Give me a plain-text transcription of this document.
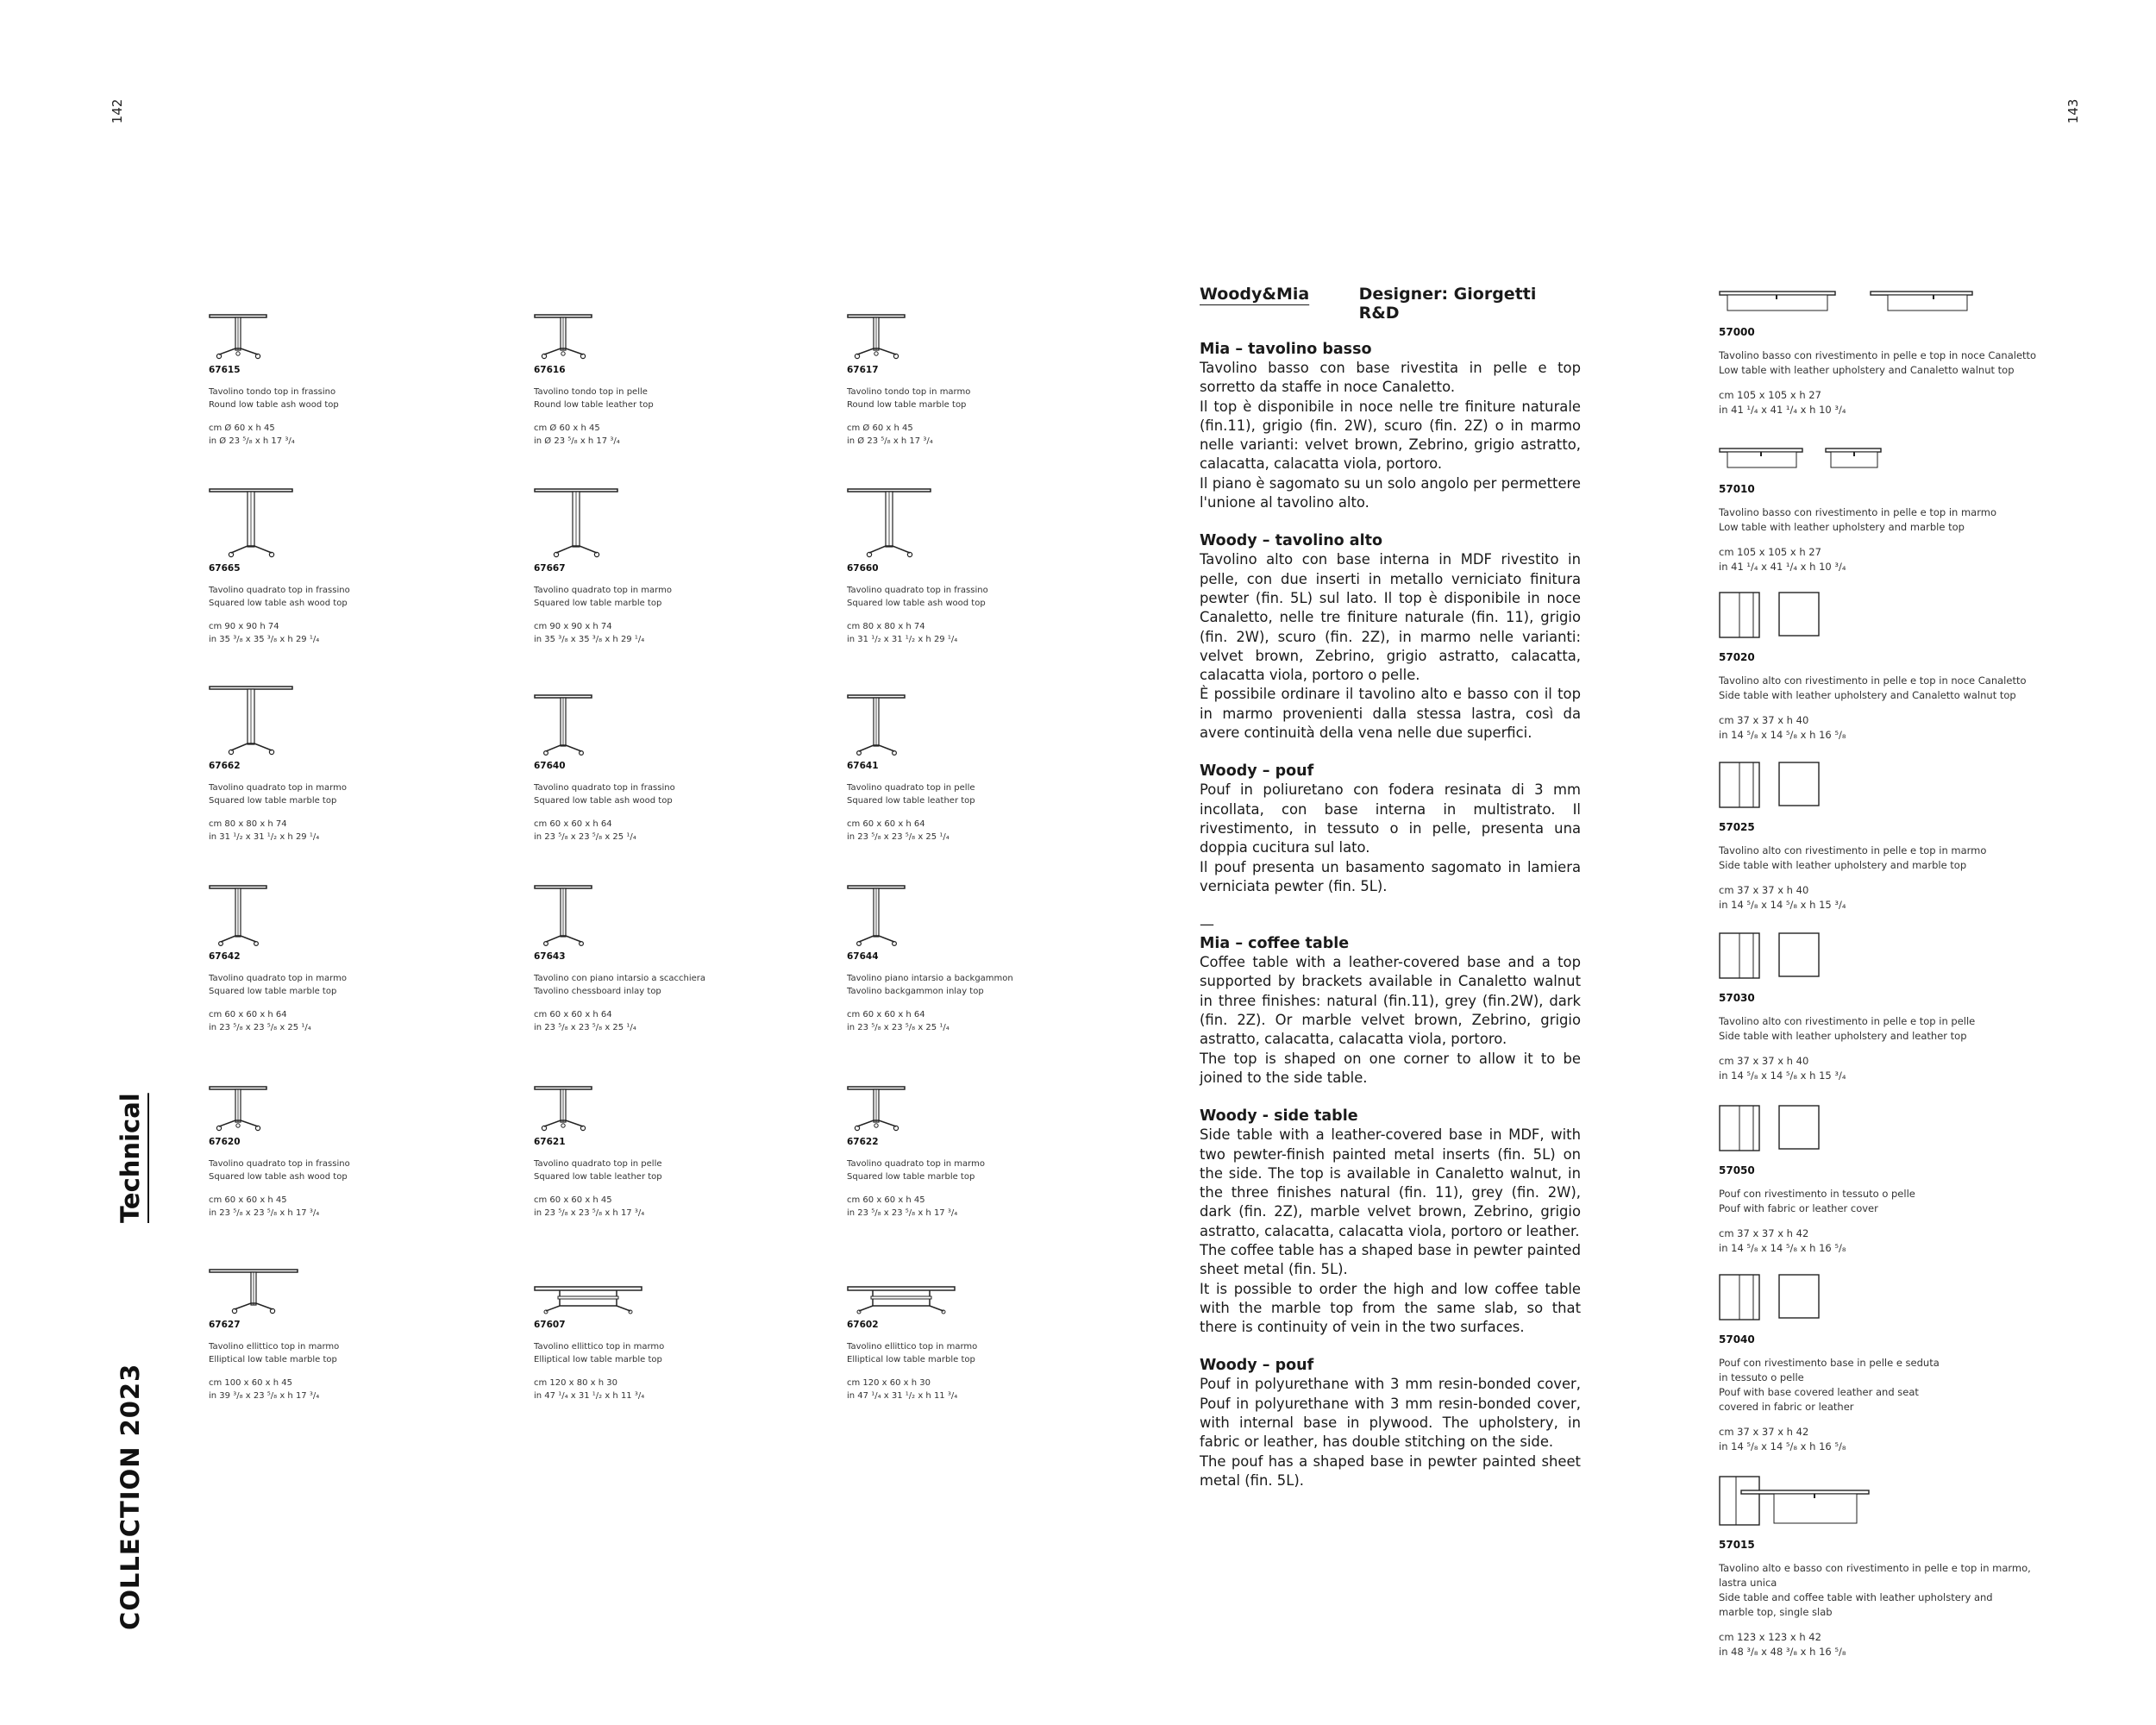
142	143
Technical
COLLECTION 2023
67615
Tavolino tondo top in frassino
Round low table ash wood top
cm Ø 60 x h 45
in Ø 23 ⁵/₈ x h 17 ³/₄
67616
Tavolino tondo top in pelle
Round low table leather top
cm Ø 60 x h 45
in Ø 23 ⁵/₈ x h 17 ³/₄
67617
Tavolino tondo top in marmo
Round low table marble top
cm Ø 60 x h 45
in Ø 23 ⁵/₈ x h 17 ³/₄
67665
Tavolino quadrato top in frassino
Squared low table ash wood top
cm 90 x 90 h 74
in 35 ³/₈ x 35 ³/₈ x h 29 ¹/₄
67667
Tavolino quadrato top in marmo
Squared low table marble top
cm 90 x 90 x h 74
in 35 ³/₈ x 35 ³/₈ x h 29 ¹/₄
67660
Tavolino quadrato top in frassino
Squared low table ash wood top
cm 80 x 80 x h 74
in 31 ¹/₂ x 31 ¹/₂ x h 29 ¹/₄
67662
Tavolino quadrato top in marmo
Squared low table marble top
cm 80 x 80 x h 74
in 31 ¹/₂ x 31 ¹/₂ x h 29 ¹/₄
67640
Tavolino quadrato top in frassino
Squared low table ash wood top
cm 60 x 60 x h 64
in 23 ⁵/₈ x 23 ⁵/₈ x 25 ¹/₄
67641
Tavolino quadrato top in pelle
Squared low table leather top
cm 60 x 60 x h 64
in 23 ⁵/₈ x 23 ⁵/₈ x 25 ¹/₄
67642
Tavolino quadrato top in marmo
Squared low table marble top
cm 60 x 60 x h 64
in 23 ⁵/₈ x 23 ⁵/₈ x 25 ¹/₄
67643
Tavolino con piano intarsio a scacchiera
Tavolino chessboard inlay top
cm 60 x 60 x h 64
in 23 ⁵/₈ x 23 ⁵/₈ x 25 ¹/₄
67644
Tavolino piano intarsio a backgammon
Tavolino backgammon inlay top
cm 60 x 60 x h 64
in 23 ⁵/₈ x 23 ⁵/₈ x 25 ¹/₄
67620
Tavolino quadrato top in frassino
Squared low table ash wood top
cm 60 x 60 x h 45
in 23 ⁵/₈ x 23 ⁵/₈ x h 17 ³/₄
67621
Tavolino quadrato top in pelle
Squared low table leather top
cm 60 x 60 x h 45
in 23 ⁵/₈ x 23 ⁵/₈ x h 17 ³/₄
67622
Tavolino quadrato top in marmo
Squared low table marble top
cm 60 x 60 x h 45
in 23 ⁵/₈ x 23 ⁵/₈ x h 17 ³/₄
67627
Tavolino ellittico top in marmo
Elliptical low table marble top
cm 100 x 60 x h 45
in 39 ³/₈ x 23 ⁵/₈ x h 17 ³/₄
67607
Tavolino ellittico top in marmo
Elliptical low table marble top
cm 120 x 80 x h 30
in 47 ¹/₄ x 31 ¹/₂ x h 11 ³/₄
67602
Tavolino ellittico top in marmo
Elliptical low table marble top
cm 120 x 60 x h 30
in 47 ¹/₄ x 31 ¹/₂ x h 11 ³/₄
Woody&Mia	Designer: Giorgetti R&D
Mia – tavolino basso

Tavolino basso con base rivestita in pelle e top sorretto da staffe in noce Canaletto.
Il top è disponibile in noce nelle tre finiture naturale (fin.11), grigio (fin. 2W), scuro (fin. 2Z) o in marmo nelle varianti: velvet brown, Zebrino, grigio astratto, calacatta, calacatta viola, portoro.
Il piano è sagomato su un solo angolo per permettere l'unione al tavolino alto.

Woody – tavolino alto

Tavolino alto con base interna in MDF rivestito in pelle, con due inserti in metallo verniciato finitura pewter (fin. 5L) sul lato. Il top è disponibile in noce Canaletto, nelle tre finiture naturale (fin. 11), grigio (fin. 2W), scuro (fin. 2Z), in marmo nelle varianti: velvet brown, Zebrino, grigio astratto, calacatta, calacatta viola, portoro o pelle.
È possibile ordinare il tavolino alto e basso con il top in marmo provenienti dalla stessa lastra, così da avere continuità della vena nelle due superfici.

Woody – pouf

Pouf in poliuretano con fodera resinata di 3 mm incollata, con base interna in multistrato. Il rivestimento, in tessuto o in pelle, presenta una doppia cucitura sul lato.
Il pouf presenta un basamento sagomato in lamiera verniciata pewter (fin. 5L).

—
Mia – coffee table

Coffee table with a leather-covered base and a top supported by brackets available in Canaletto walnut in three finishes: natural (fin.11), grey (fin.2W), dark (fin. 2Z). Or marble velvet brown, Zebrino, grigio astratto, calacatta, calacatta viola, portoro.
The top is shaped on one corner to allow it to be joined to the side table.

Woody - side table

Side table with a leather-covered base in MDF, with two pewter-finish painted metal inserts (fin. 5L) on the side. The top is available in Canaletto walnut, in the three finishes natural (fin. 11), grey (fin. 2W), dark (fin. 2Z), marble velvet brown, Zebrino, grigio astratto, calacatta, calacatta viola, portoro or leather.
The coffee table has a shaped base in pewter painted sheet metal (fin. 5L).
It is possible to order the high and low coffee table with the marble top from the same slab, so that there is continuity of vein in the two surfaces.

Woody – pouf

Pouf in polyurethane with 3 mm resin-bonded cover, Pouf in polyurethane with 3 mm resin-bonded cover, with internal base in plywood. The upholstery, in fabric or leather, has double stitching on the side.
The pouf has a shaped base in pewter painted sheet metal (fin. 5L).

57000
Tavolino basso con rivestimento in pelle e top in noce Canaletto
Low table with leather upholstery and Canaletto walnut top
cm 105 x 105 x h 27
in 41 ¹/₄ x 41 ¹/₄ x h 10 ³/₄
57010
Tavolino basso con rivestimento in pelle e top in marmo
Low table with leather upholstery and marble top
cm 105 x 105 x h 27
in 41 ¹/₄ x 41 ¹/₄ x h 10 ³/₄
57020
Tavolino alto con rivestimento in pelle e top in noce Canaletto
Side table with leather upholstery and Canaletto walnut top
cm 37 x 37 x h 40
in 14 ⁵/₈ x 14 ⁵/₈ x h 16 ⁵/₈
57025
Tavolino alto con rivestimento in pelle e top in marmo
Side table with leather upholstery and marble top
cm 37 x 37 x h 40
in 14 ⁵/₈ x 14 ⁵/₈ x h 15 ³/₄
57030
Tavolino alto con rivestimento in pelle e top in pelle
Side table with leather upholstery and leather top
cm 37 x 37 x h 40
in 14 ⁵/₈ x 14 ⁵/₈ x h 15 ³/₄
57050
Pouf con rivestimento in tessuto o pelle
Pouf with fabric or leather cover
cm 37 x 37 x h 42
in 14 ⁵/₈ x 14 ⁵/₈ x h 16 ⁵/₈
57040
Pouf con rivestimento base in pelle e seduta
in tessuto o pelle
Pouf with base covered leather and seat
covered in fabric or leather
cm 37 x 37 x h 42
in 14 ⁵/₈ x 14 ⁵/₈ x h 16 ⁵/₈
57015
Tavolino alto e basso con rivestimento in pelle e top in marmo,
lastra unica
Side table and coffee table with leather upholstery and
marble top, single slab
cm 123 x 123 x h 42
in 48 ³/₈ x 48 ³/₈ x h 16 ⁵/₈
